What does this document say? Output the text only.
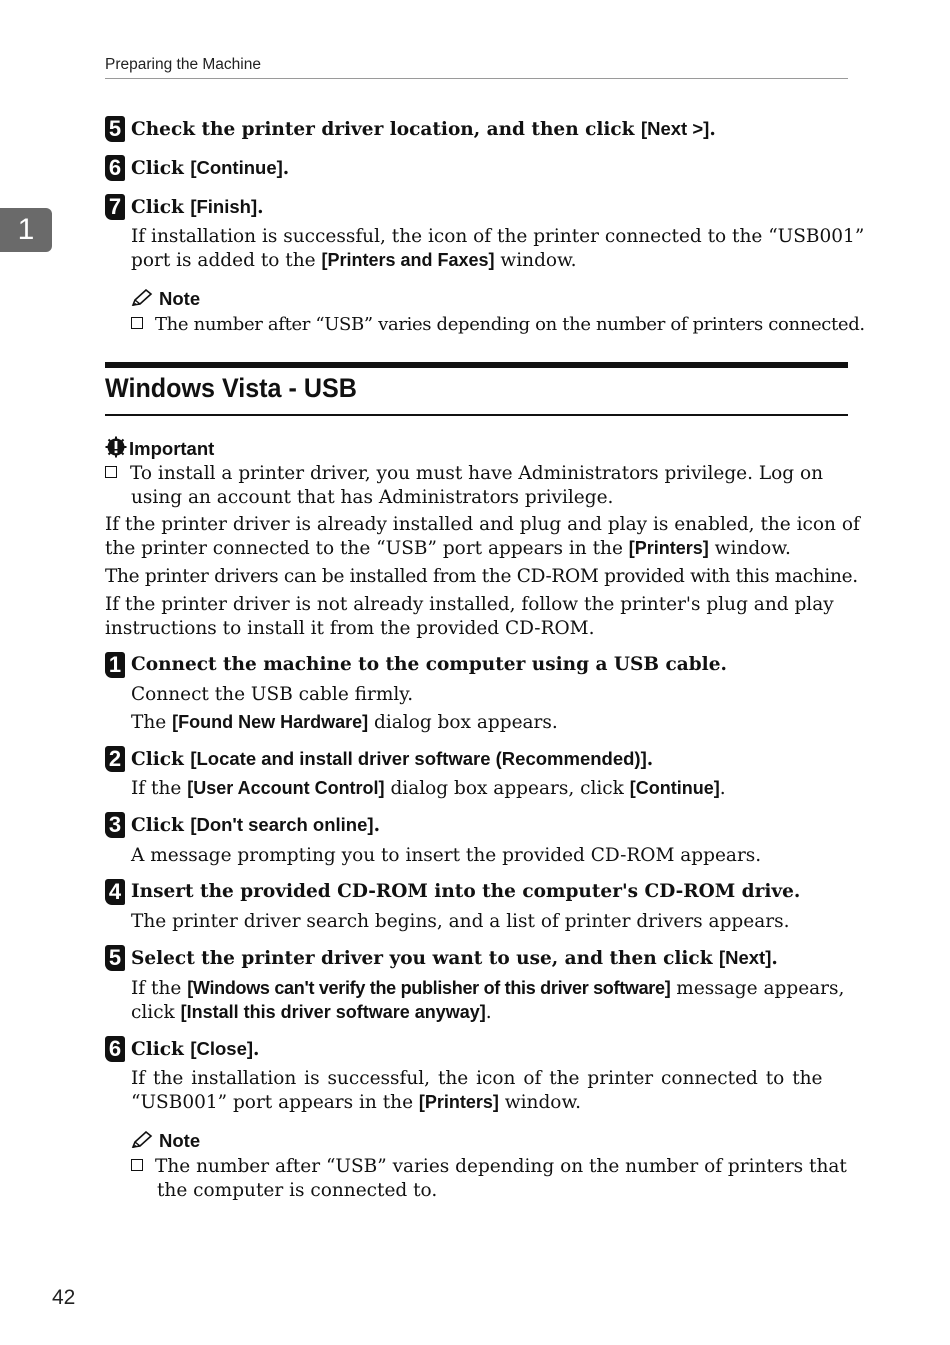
Preparing the Machine
1
5 Check the printer driver location, and then click [Next >].
6 Click [Continue].
7 Click [Finish].
If installation is successful, the icon of the printer connected to the “USB001”
port is added to the [Printers and Faxes] window.
Note
The number after “USB” varies depending on the number of printers connected.
Windows Vista - USB
Important
To install a printer driver, you must have Administrators privilege. Log on
using an account that has Administrators privilege.
If the printer driver is already installed and plug and play is enabled, the icon of
the printer connected to the “USB” port appears in the [Printers] window.
The printer drivers can be installed from the CD-ROM provided with this machine.
If the printer driver is not already installed, follow the printer's plug and play
instructions to install it from the provided CD-ROM.
1 Connect the machine to the computer using a USB cable.
Connect the USB cable firmly.
The [Found New Hardware] dialog box appears.
2 Click [Locate and install driver software (Recommended)].
If the [User Account Control] dialog box appears, click [Continue].
3 Click [Don't search online].
A message prompting you to insert the provided CD-ROM appears.
4 Insert the provided CD-ROM into the computer's CD-ROM drive.
The printer driver search begins, and a list of printer drivers appears.
5 Select the printer driver you want to use, and then click [Next].
If the [Windows can't verify the publisher of this driver software] message appears,
click [Install this driver software anyway].
6 Click [Close].
If the installation is successful, the icon of the printer connected to the
“USB001” port appears in the [Printers] window.
Note
The number after “USB” varies depending on the number of printers that
the computer is connected to.
42
